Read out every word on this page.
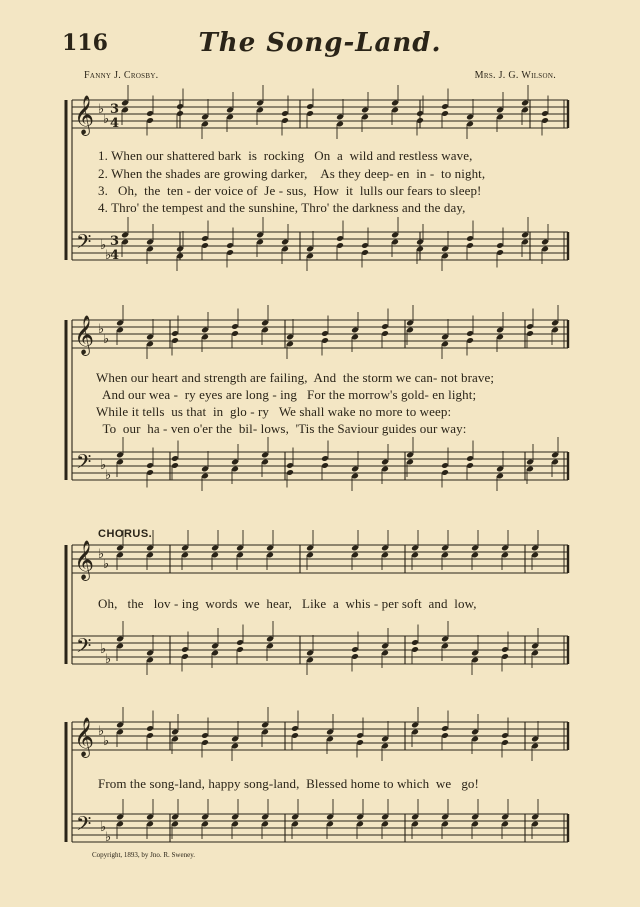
116	The Song-Land.
Fanny J. Crosby.	Mrs. J. G. Wilson.
𝄞 ♭
♭
𝄢 ♭
♭
3
4
3
4
𝄞 ♭
♭
𝄢 ♭
♭
𝄞 ♭
♭
𝄢 ♭
♭
𝄞 ♭
♭
𝄢 ♭
♭
1. When our shattered bark  is  rocking   On  a  wild and restless wave,
2. When the shades are growing darker,    As they deep- en  in -  to night,
3.   Oh,  the  ten - der voice of  Je - sus,  How  it  lulls our fears to sleep!
4. Thro' the tempest and the sunshine, Thro' the darkness and the day,
When our heart and strength are failing,  And  the storm we can- not brave;
And our wea -  ry eyes are long - ing   For the morrow's gold- en light;
While it tells  us that  in  glo - ry   We shall wake no more to weep:
To  our  ha - ven o'er the  bil- lows,  'Tis the Saviour guides our way:
CHORUS.
Oh,   the   lov - ing  words  we  hear,   Like  a  whis - per soft  and  low,
From the song-land, happy song-land,  Blessed home to which  we   go!
Copyright, 1893, by Jno. R. Sweney.
